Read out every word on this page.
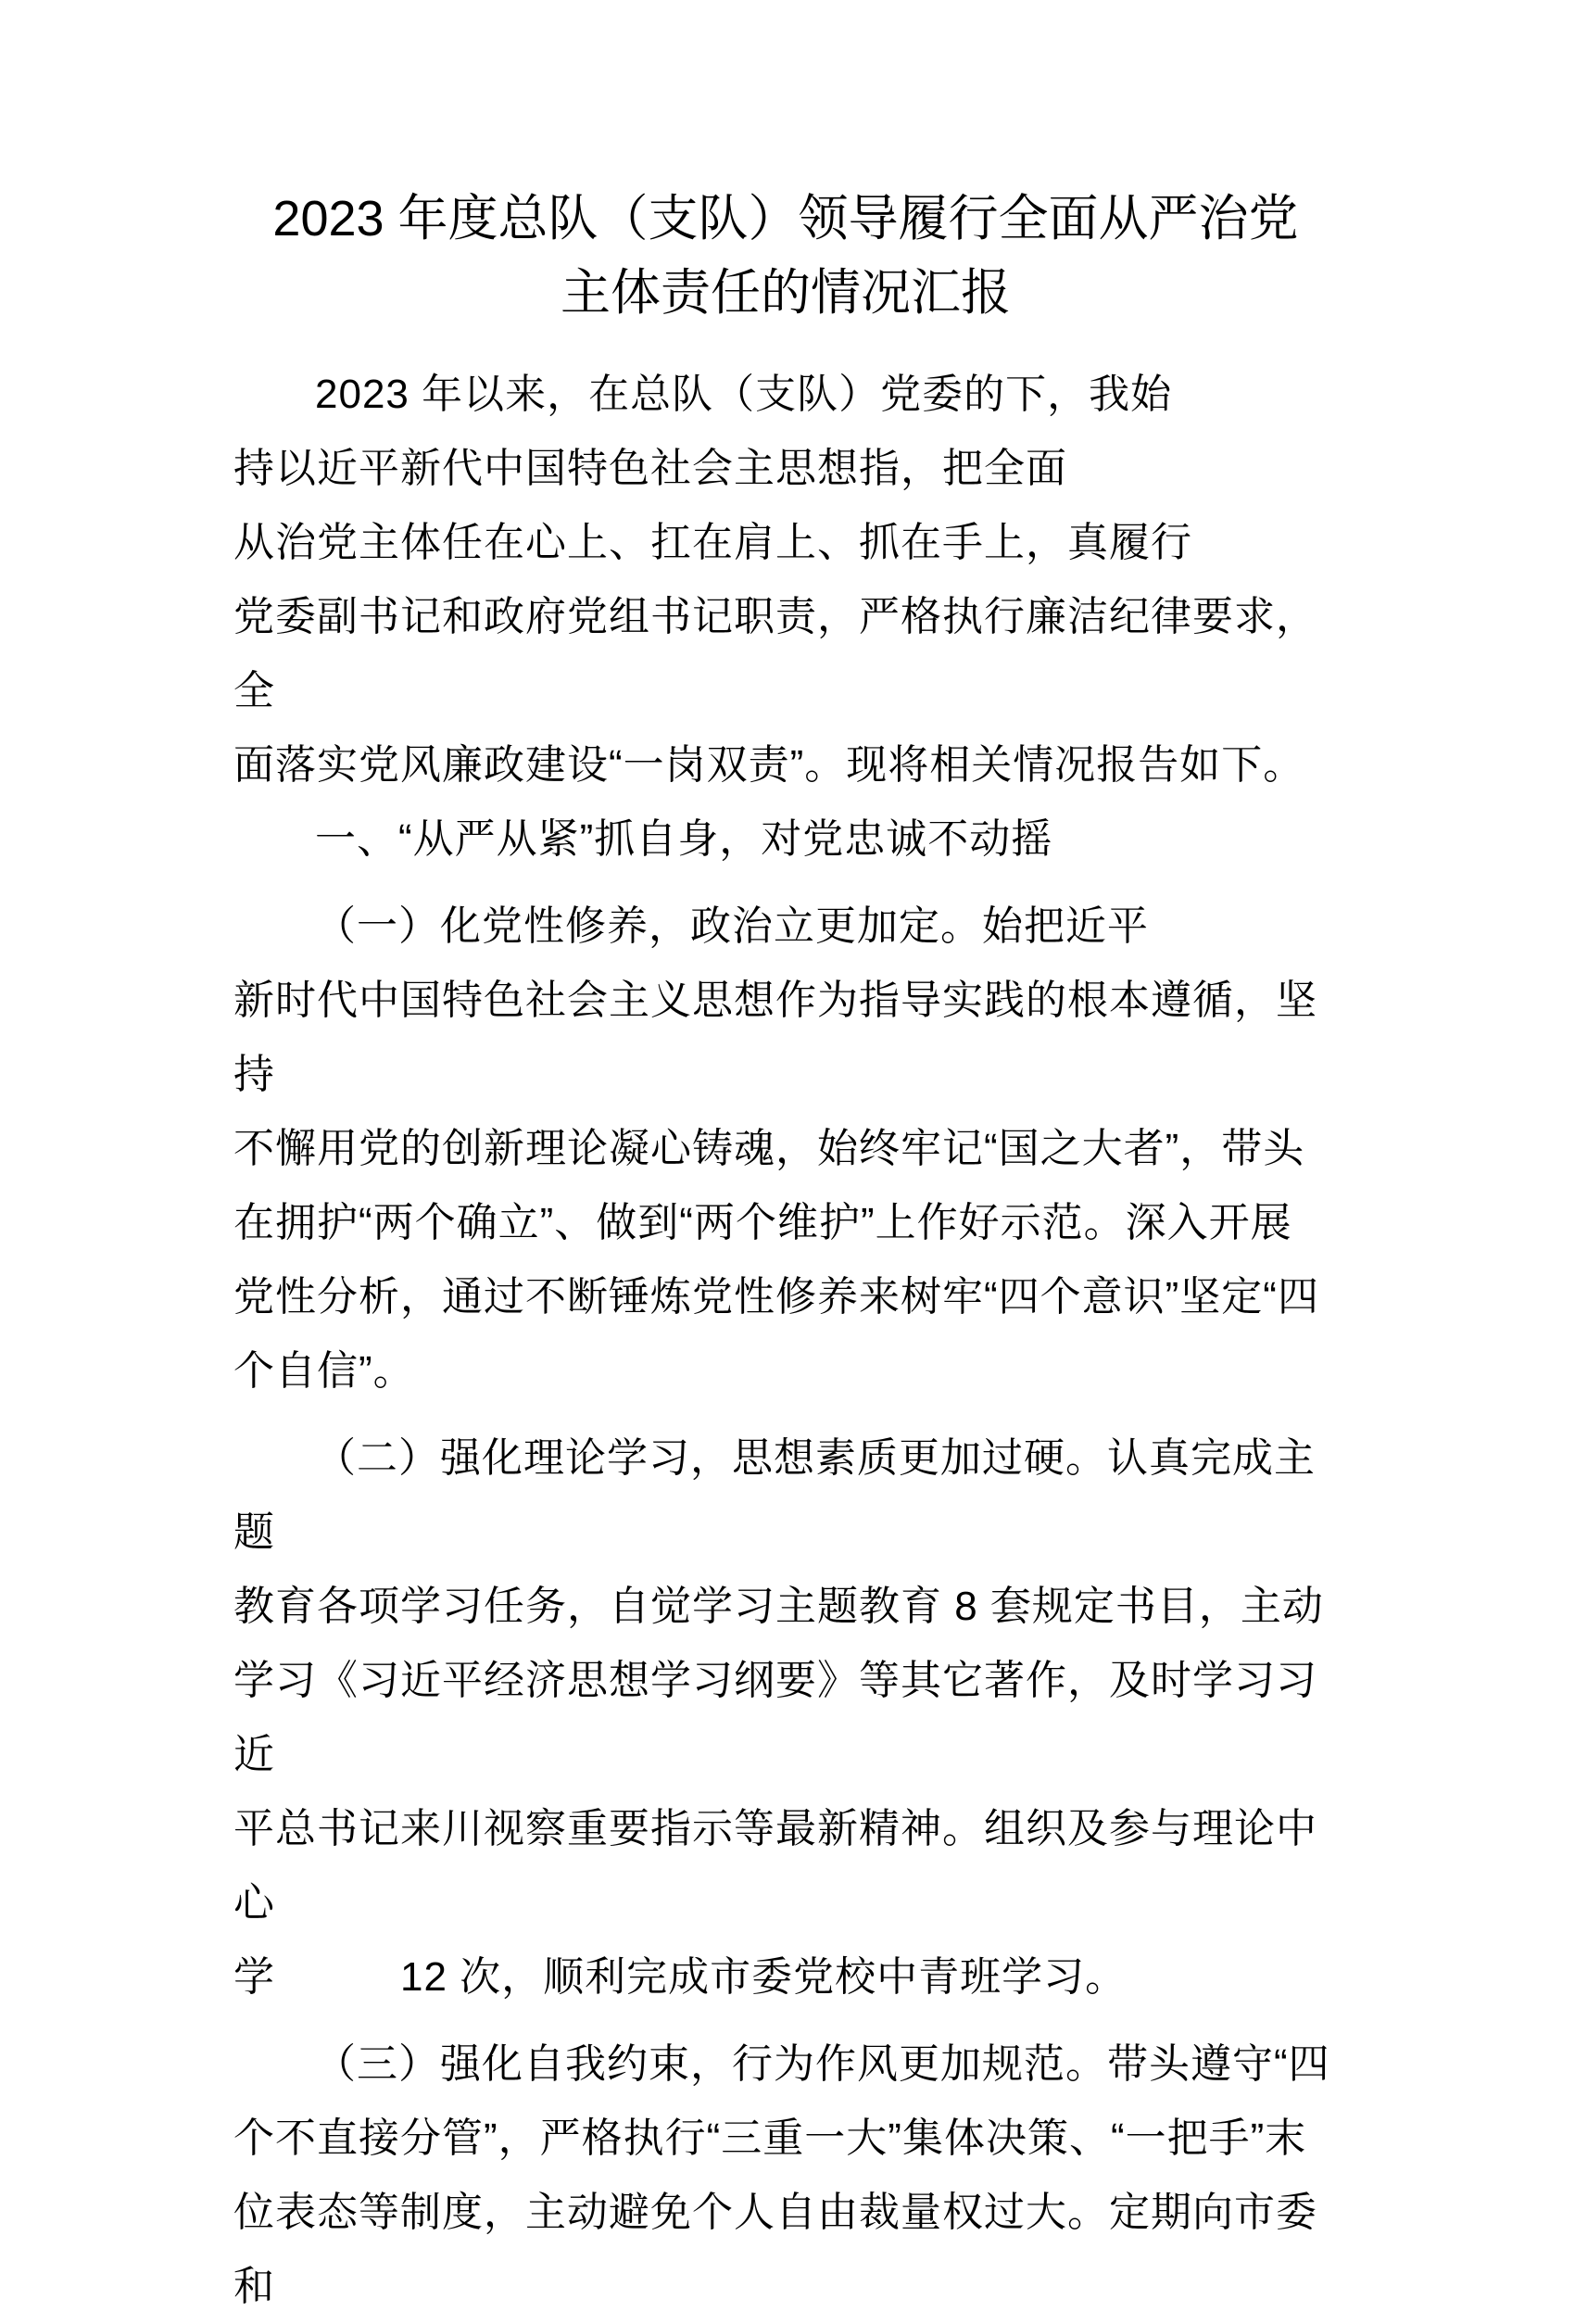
2023 年度总队（支队）领导履行全面从严治党
主体责任的情况汇报
2023 年以来，在总队（支队）党委的下，我始
持以近平新代中国特色社会主思想指，把全面
从治党主体任在心上、扛在肩上、抓在手上，真履行
党委副书记和政府党组书记职责，严格执行廉洁纪律要求，全
面落实党风廉政建设“一岗双责”。现将相关情况报告如下。
一、“从严从紧”抓自身，对党忠诚不动摇
（一）化党性修养，政治立更加定。始把近平
新时代中国特色社会主义思想作为指导实践的根本遵循，坚持
不懈用党的创新理论凝心铸魂，始终牢记“国之大者”，带头
在拥护“两个确立”、做到“两个维护”上作好示范。深入开展
党性分析，通过不断锤炼党性修养来树牢“四个意识”坚定“四
个自信”。
（二）强化理论学习，思想素质更加过硬。认真完成主题
教育各项学习任务，自觉学习主题教育 8 套规定书目，主动
学习《习近平经济思想学习纲要》等其它著作，及时学习习近
平总书记来川视察重要指示等最新精神。组织及参与理论中心
学　　　12 次，顺利完成市委党校中青班学习。
（三）强化自我约束，行为作风更加规范。带头遵守“四
个不直接分管”，严格执行“三重一大”集体决策、“一把手”末
位表态等制度，主动避免个人自由裁量权过大。定期向市委和
